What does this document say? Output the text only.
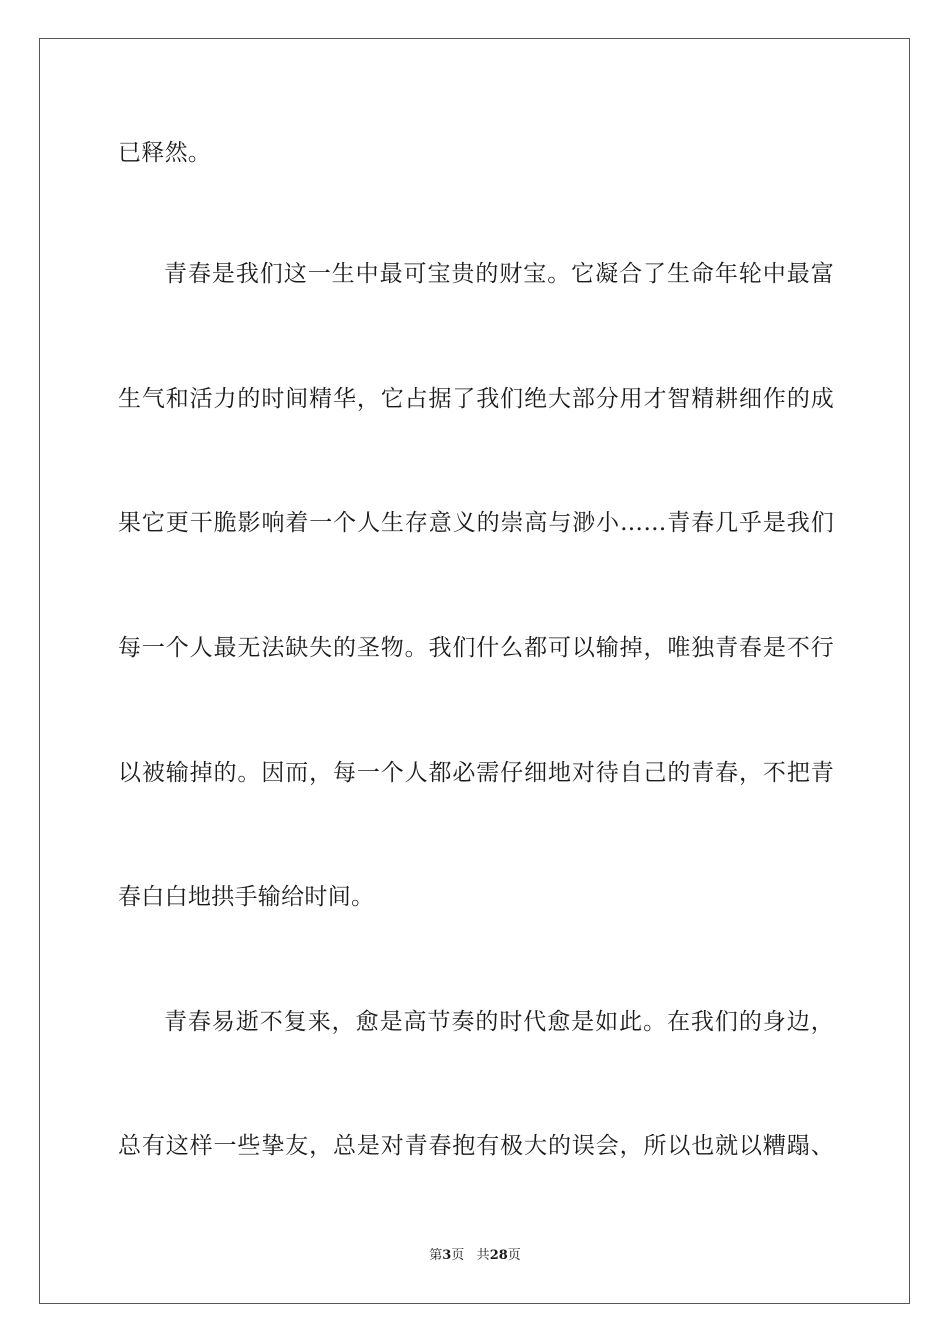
已释然。
青春是我们这一生中最可宝贵的财宝。它凝合了生命年轮中最富
生气和活力的时间精华，它占据了我们绝大部分用才智精耕细作的成
果它更干脆影响着一个人生存意义的崇高与渺小……青春几乎是我们
每一个人最无法缺失的圣物。我们什么都可以输掉，唯独青春是不行
以被输掉的。因而，每一个人都必需仔细地对待自己的青春，不把青
春白白地拱手输给时间。
青春易逝不复来，愈是高节奏的时代愈是如此。在我们的身边，
总有这样一些挚友，总是对青春抱有极大的误会，所以也就以糟蹋、
第3页 共28页
